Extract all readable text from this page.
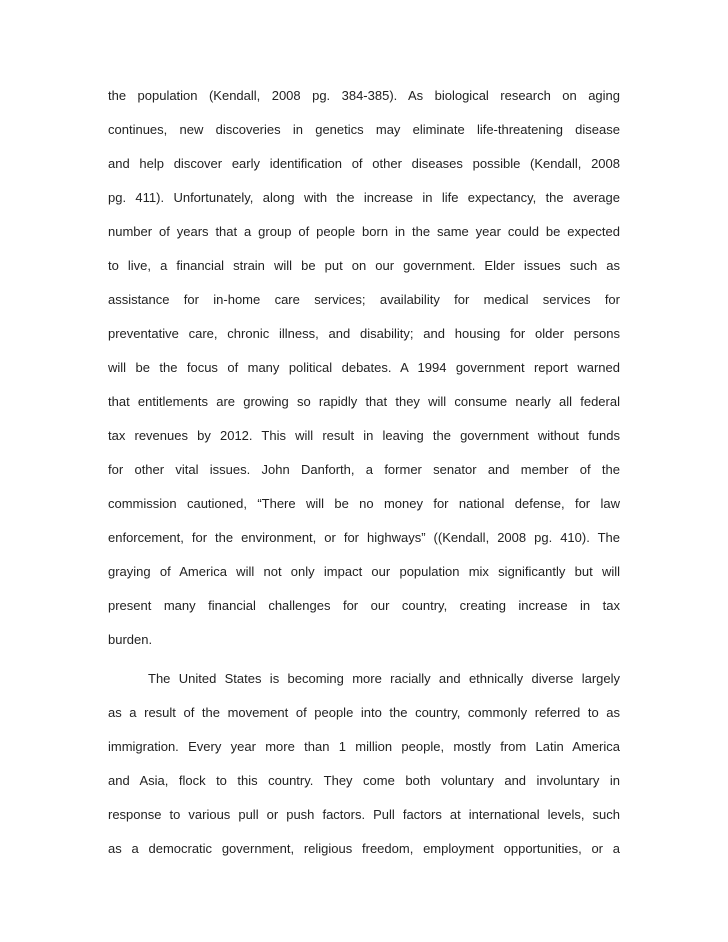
the population (Kendall, 2008 pg. 384-385). As biological research on aging

continues, new discoveries in genetics may eliminate life-threatening disease

and help discover early identification of other diseases possible (Kendall, 2008

pg. 411). Unfortunately, along with the increase in life expectancy, the average

number of years that a group of people born in the same year could be expected

to live, a financial strain will be put on our government. Elder issues such as

assistance for in-home care services; availability for medical services for

preventative care, chronic illness, and disability; and housing for older persons

will be the focus of many political debates. A 1994 government report warned

that entitlements are growing so rapidly that they will consume nearly all federal

tax revenues by 2012. This will result in leaving the government without funds

for other vital issues. John Danforth, a former senator and member of the

commission cautioned, “There will be no money for national defense, for law

enforcement, for the environment, or for highways” ((Kendall, 2008 pg. 410). The

graying of America will not only impact our population mix significantly but will

present many financial challenges for our country, creating increase in tax

burden.

The United States is becoming more racially and ethnically diverse largely

as a result of the movement of people into the country, commonly referred to as

immigration. Every year more than 1 million people, mostly from Latin America

and Asia, flock to this country. They come both voluntary and involuntary in

response to various pull or push factors. Pull factors at international levels, such

as a democratic government, religious freedom, employment opportunities, or a
